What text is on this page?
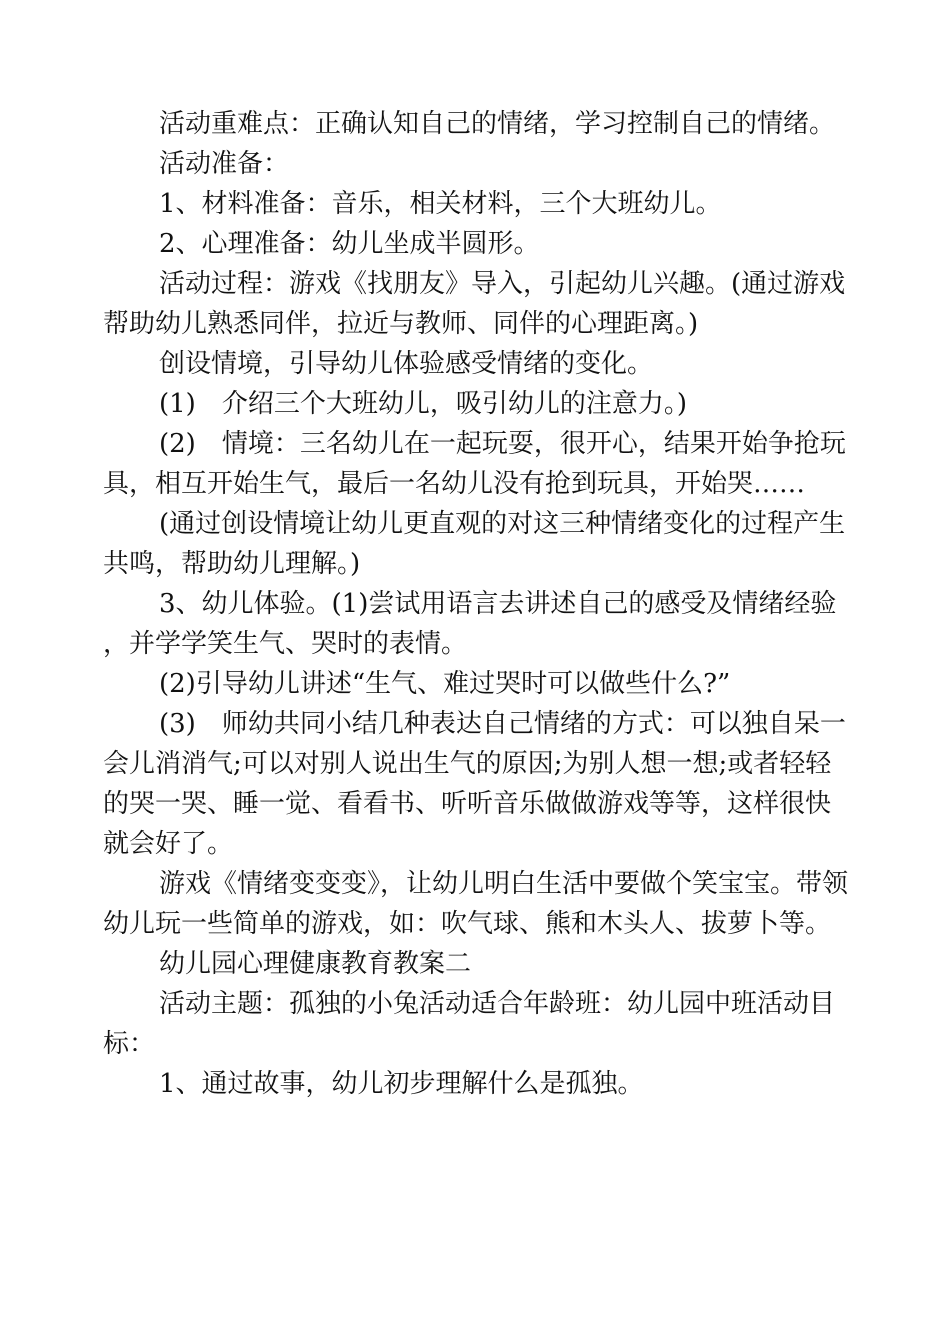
活动重难点：正确认知自己的情绪，学习控制自己的情绪。

活动准备：

1、材料准备：音乐，相关材料，三个大班幼儿。

2、心理准备：幼儿坐成半圆形。

活动过程：游戏《找朋友》导入，引起幼儿兴趣。(通过游戏帮助幼儿熟悉同伴，拉近与教师、同伴的心理距离。)

创设情境，引导幼儿体验感受情绪的变化。

(1)　介绍三个大班幼儿，吸引幼儿的注意力。)

(2)　情境：三名幼儿在一起玩耍，很开心，结果开始争抢玩具，相互开始生气，最后一名幼儿没有抢到玩具，开始哭……

(通过创设情境让幼儿更直观的对这三种情绪变化的过程产生共鸣，帮助幼儿理解。)

3、幼儿体验。(1)尝试用语言去讲述自己的感受及情绪经验，并学学笑生气、哭时的表情。

(2)引导幼儿讲述“生气、难过哭时可以做些什么?”

(3)　师幼共同小结几种表达自己情绪的方式：可以独自呆一会儿消消气;可以对别人说出生气的原因;为别人想一想;或者轻轻的哭一哭、睡一觉、看看书、听听音乐做做游戏等等，这样很快就会好了。

游戏《情绪变变变》，让幼儿明白生活中要做个笑宝宝。带领幼儿玩一些简单的游戏，如：吹气球、熊和木头人、拔萝卜等。

幼儿园心理健康教育教案二

活动主题：孤独的小兔活动适合年龄班：幼儿园中班活动目标：

1、通过故事，幼儿初步理解什么是孤独。
